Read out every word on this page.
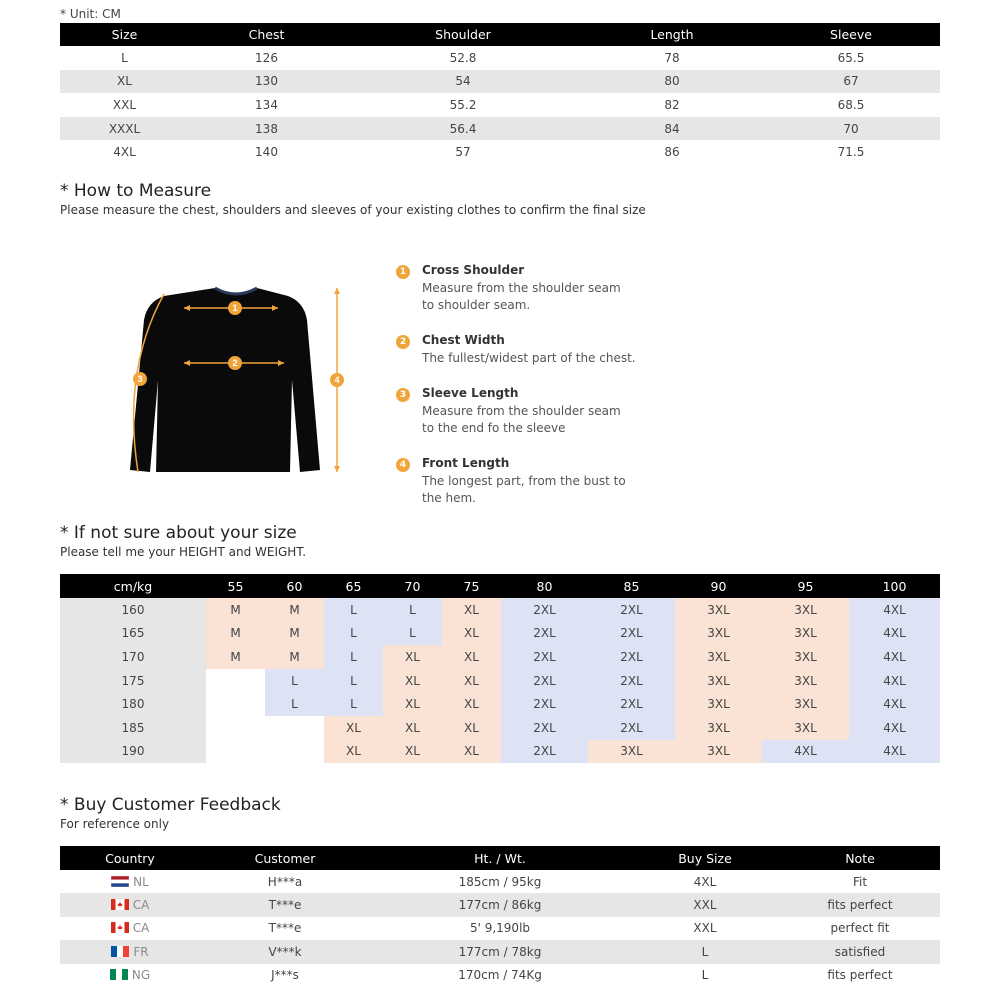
* Unit: CM
Size	Chest	Shoulder	Length	Sleeve
L	126	52.8	78	65.5
XL	130	54	80	67
XXL	134	55.2	82	68.5
XXXL	138	56.4	84	70
4XL	140	57	86	71.5
* How to Measure
Please measure the chest, shoulders and sleeves of your existing clothes to confirm the final size
1
2
3	4
1	Cross Shoulder
Measure from the shoulder seam
to shoulder seam.
2	Chest Width
The fullest/widest part of the chest.
3	Sleeve Length
Measure from the shoulder seam
to the end fo the sleeve
4	Front Length
The longest part, from the bust to
the hem.
* If not sure about your size
Please tell me your HEIGHT and WEIGHT.
cm/kg	55	60	65	70	75	80	85	90	95	100
160	M	M	L	L	XL	2XL	2XL	3XL	3XL	4XL
165	M	M	L	L	XL	2XL	2XL	3XL	3XL	4XL
170	M	M	L	XL	XL	2XL	2XL	3XL	3XL	4XL
175		L	L	XL	XL	2XL	2XL	3XL	3XL	4XL
180		L	L	XL	XL	2XL	2XL	3XL	3XL	4XL
185			XL	XL	XL	2XL	2XL	3XL	3XL	4XL
190			XL	XL	XL	2XL	3XL	3XL	4XL	4XL
* Buy Customer Feedback
For reference only
Country	Customer	Ht. / Wt.	Buy Size	Note
NL	H***a	185cm / 95kg	4XL	Fit
CA	T***e	177cm / 86kg	XXL	fits perfect
CA	T***e	5' 9,190lb	XXL	perfect fit
FR	V***k	177cm / 78kg	L	satisfied
NG	J***s	170cm / 74Kg	L	fits perfect
